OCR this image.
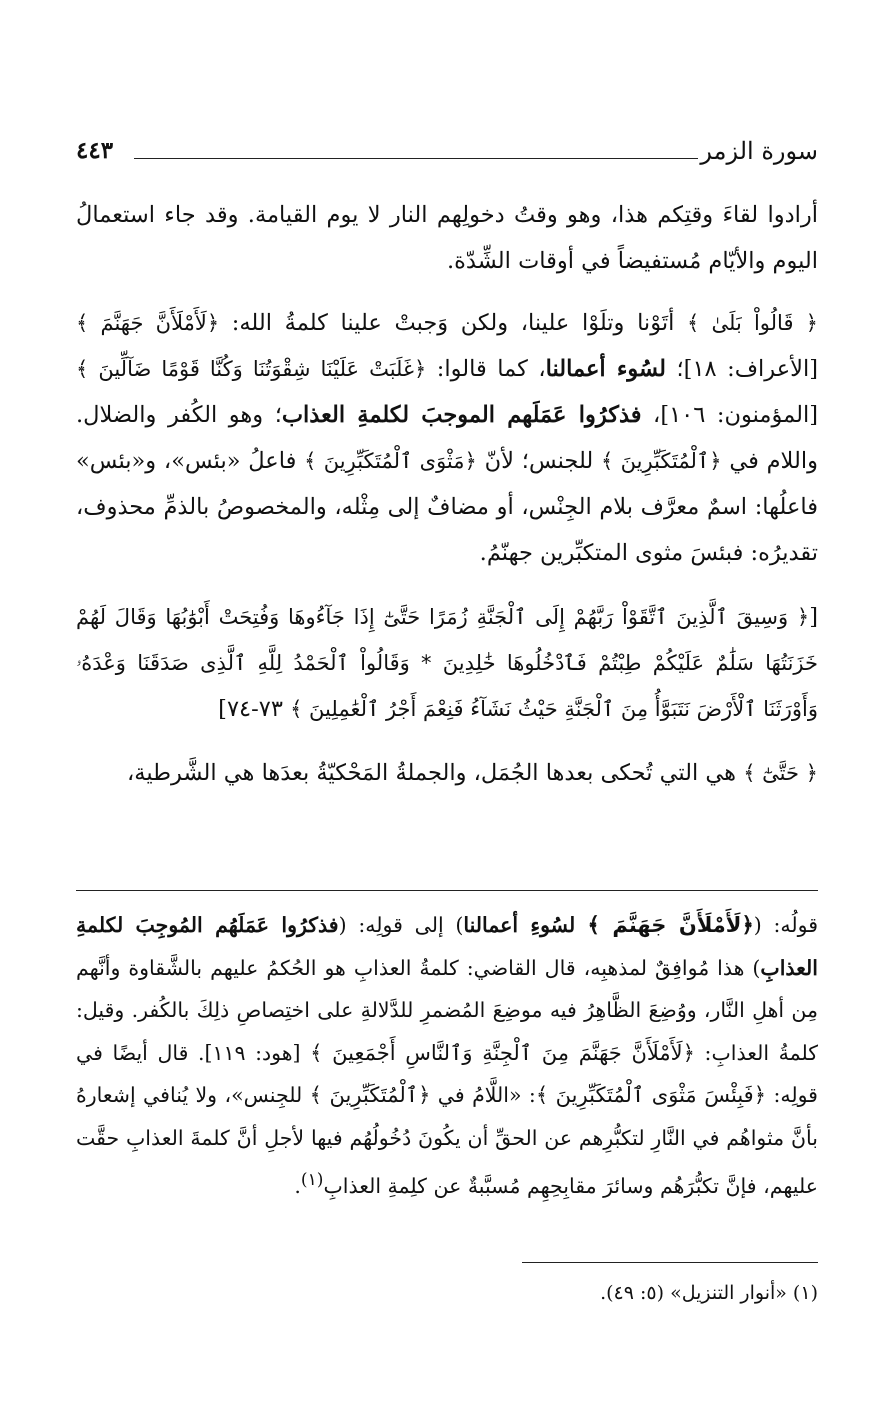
سورة الزمر
٤٤٣

أرادوا لقاءَ وقتِكم هذا، وهو وقتُ دخولِهم النار لا يوم القيامة. وقد جاء استعمالُ اليوم والأيّام مُستفيضاً في أوقات الشِّدّة.

﴿ قَالُواْ بَلَىٰ ﴾ أتَوْنا وتلَوْا علينا، ولكن وَجبتْ علينا كلمةُ الله: ﴿لَأَمْلَأَنَّ جَهَنَّمَ ﴾ [الأعراف: ١٨]؛ لسُوء أعمالنا، كما قالوا: ﴿غَلَبَتْ عَلَيْنَا شِقْوَتُنَا وَكُنَّا قَوْمًا ضَآلِّينَ ﴾ [المؤمنون: ١٠٦]، فذكرُوا عَمَلَهم الموجبَ لكلمةِ العذاب؛ وهو الكُفر والضلال. واللام في ﴿ٱلْمُتَكَبِّرِينَ ﴾ للجنس؛ لأنّ ﴿مَثْوَى ٱلْمُتَكَبِّرِينَ ﴾ فاعلُ «بئس»، و«بئس» فاعلُها: اسمٌ معرَّف بلام الجِنْس، أو مضافٌ إلى مِثْله، والمخصوصُ بالذمِّ محذوف، تقديرُه: فبئسَ مثوى المتكبِّرين جهنّمُ.

[﴿ وَسِيقَ ٱلَّذِينَ ٱتَّقَوْاْ رَبَّهُمْ إِلَى ٱلْجَنَّةِ زُمَرًا حَتَّىٰٓ إِذَا جَآءُوهَا وَفُتِحَتْ أَبْوَٰبُهَا وَقَالَ لَهُمْ خَزَنَتُهَا سَلَٰمٌ عَلَيْكُمْ طِبْتُمْ فَٱدْخُلُوهَا خَٰلِدِينَ * وَقَالُواْ ٱلْحَمْدُ لِلَّهِ ٱلَّذِى صَدَقَنَا وَعْدَهُۥ وَأَوْرَثَنَا ٱلْأَرْضَ نَتَبَوَّأُ مِنَ ٱلْجَنَّةِ حَيْثُ نَشَآءُ فَنِعْمَ أَجْرُ ٱلْعَٰمِلِينَ ﴾ ٧٣-٧٤]

﴿ حَتَّىٰٓ ﴾ هي التي تُحكى بعدها الجُمَل، والجملةُ المَحْكيّةُ بعدَها هي الشَّرطية،

قولُه: (﴿لَأَمْلَأَنَّ جَهَنَّمَ ﴾ لسُوءِ أعمالنا) إلى قولِه: (فذكرُوا عَمَلَهُم المُوجِبَ لكلمةِ العذابِ) هذا مُوافِقٌ لمذهبِه، قال القاضي: كلمةُ العذابِ هو الحُكمُ عليهم بالشَّقاوة وأنَّهم مِن أهلِ النَّار، ووُضِعَ الظَّاهِرُ فيه موضِعَ المُضمرِ للدَّلالةِ على اختِصاصِ ذلِكَ بالكُفر. وقيل: كلمةُ العذابِ: ﴿لَأَمْلَأَنَّ جَهَنَّمَ مِنَ ٱلْجِنَّةِ وَٱلنَّاسِ أَجْمَعِينَ ﴾ [هود: ١١٩]. قال أيضًا في قولِه: ﴿فَبِئْسَ مَثْوَى ٱلْمُتَكَبِّرِينَ ﴾: «اللَّامُ في ﴿ٱلْمُتَكَبِّرِينَ ﴾ للجِنس»، ولا يُنافي إشعارهُ بأنَّ مثواهُم في النَّارِ لتكبُّرِهم عن الحقِّ أن يكُونَ دُخُولُهُم فيها لأجلِ أنَّ كلمةَ العذابِ حقَّت عليهم، فإنَّ تكبُّرَهُم وسائرَ مقابِحِهِم مُسبَّبةٌ عن كلِمةِ العذابِ$^{(١)}$.

(١) «أنوار التنزيل» (٥: ٤٩).
